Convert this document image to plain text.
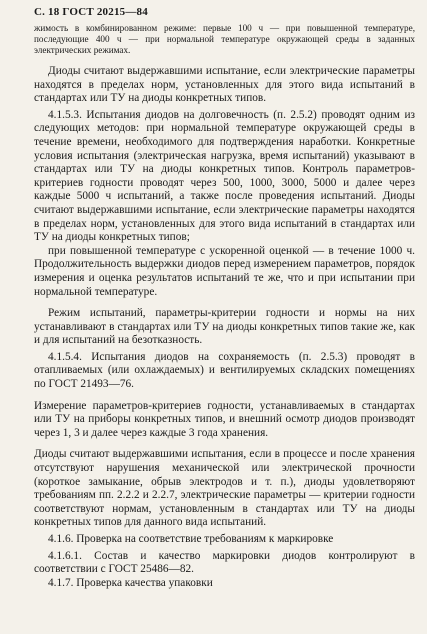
С. 18 ГОСТ 20215—84
жимость в комбинированном режиме: первые 100 ч — при повышенной температуре, последующие 400 ч — при нормальной температуре окружающей среды в заданных электрических режимах.

Диоды считают выдержавшими испытание, если электрические параметры находятся в пределах норм, установленных для этого вида испытаний в стандартах или ТУ на диоды конкретных типов.

4.1.5.3. Испытания диодов на долговечность (п. 2.5.2) проводят одним из следующих методов: при нормальной температуре окружающей среды в течение времени, необходимого для подтверждения наработки. Конкретные условия испытания (электрическая нагрузка, время испытаний) указывают в стандартах или ТУ на диоды конкретных типов. Контроль параметров-критериев годности проводят через 500, 1000, 3000, 5000 и далее через каждые 5000 ч испытаний, а также после проведения испытаний. Диоды считают выдержавшими испытание, если электрические параметры находятся в пределах норм, установленных для этого вида испытаний в стандартах или ТУ на диоды конкретных типов;

при повышенной температуре с ускоренной оценкой — в течение 1000 ч. Продолжительность выдержки диодов перед измерением параметров, порядок измерения и оценка результатов испытаний те же, что и при испытании при нормальной температуре.

Режим испытаний, параметры-критерии годности и нормы на них устанавливают в стандартах или ТУ на диоды конкретных типов такие же, как и для испытаний на безотказность.

4.1.5.4. Испытания диодов на сохраняемость (п. 2.5.3) проводят в отапливаемых (или охлаждаемых) и вентилируемых складских помещениях по ГОСТ 21493—76.

Измерение параметров-критериев годности, устанавливаемых в стандартах или ТУ на приборы конкретных типов, и внешний осмотр диодов производят через 1, 3 и далее через каждые 3 года хранения.

Диоды считают выдержавшими испытания, если в процессе и после хранения отсутствуют нарушения механической или электрической прочности (короткое замыкание, обрыв электродов и т. п.), диоды удовлетворяют требованиям пп. 2.2.2 и 2.2.7, электрические параметры — критерии годности соответствуют нормам, установленным в стандартах или ТУ на диоды конкретных типов для данного вида испытаний.

4.1.6. Проверка на соответствие требованиям к маркировке

4.1.6.1. Состав и качество маркировки диодов контролируют в соответствии с ГОСТ 25486—82.

4.1.7. Проверка качества упаковки
